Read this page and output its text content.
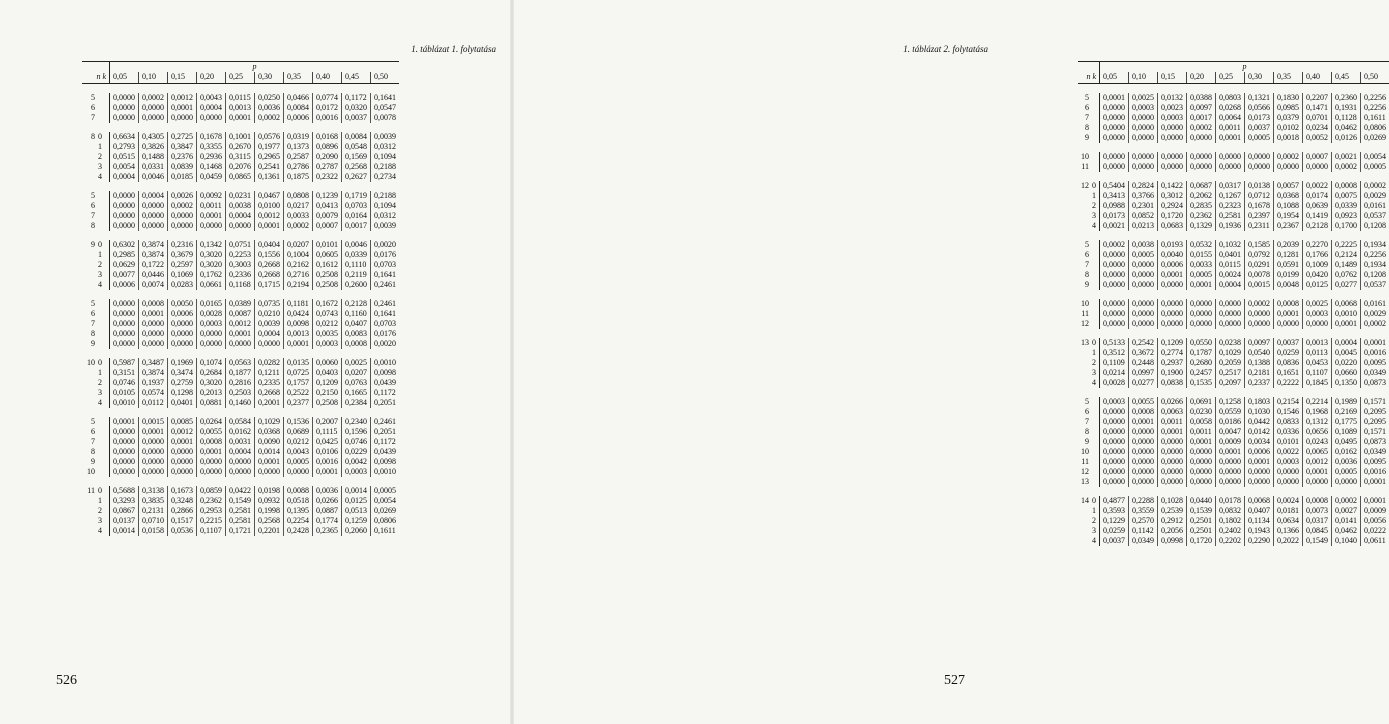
1. táblázat 1. folytatása
		p									
n k		0,05	0,10	0,15	0,20	0,25	0,30	0,35	0,40	0,45	0,50

5		0,0000	0,0002	0,0012	0,0043	0,0115	0,0250	0,0466	0,0774	0,1172	0,1641
6		0,0000	0,0000	0,0001	0,0004	0,0013	0,0036	0,0084	0,0172	0,0320	0,0547
7		0,0000	0,0000	0,0000	0,0000	0,0001	0,0002	0,0006	0,0016	0,0037	0,0078

8	0	0,6634	0,4305	0,2725	0,1678	0,1001	0,0576	0,0319	0,0168	0,0084	0,0039
	1	0,2793	0,3826	0,3847	0,3355	0,2670	0,1977	0,1373	0,0896	0,0548	0,0312
	2	0,0515	0,1488	0,2376	0,2936	0,3115	0,2965	0,2587	0,2090	0,1569	0,1094
	3	0,0054	0,0331	0,0839	0,1468	0,2076	0,2541	0,2786	0,2787	0,2568	0,2188
	4	0,0004	0,0046	0,0185	0,0459	0,0865	0,1361	0,1875	0,2322	0,2627	0,2734

5		0,0000	0,0004	0,0026	0,0092	0,0231	0,0467	0,0808	0,1239	0,1719	0,2188
6		0,0000	0,0000	0,0002	0,0011	0,0038	0,0100	0,0217	0,0413	0,0703	0,1094
7		0,0000	0,0000	0,0000	0,0001	0,0004	0,0012	0,0033	0,0079	0,0164	0,0312
8		0,0000	0,0000	0,0000	0,0000	0,0000	0,0001	0,0002	0,0007	0,0017	0,0039

9	0	0,6302	0,3874	0,2316	0,1342	0,0751	0,0404	0,0207	0,0101	0,0046	0,0020
	1	0,2985	0,3874	0,3679	0,3020	0,2253	0,1556	0,1004	0,0605	0,0339	0,0176
	2	0,0629	0,1722	0,2597	0,3020	0,3003	0,2668	0,2162	0,1612	0,1110	0,0703
	3	0,0077	0,0446	0,1069	0,1762	0,2336	0,2668	0,2716	0,2508	0,2119	0,1641
	4	0,0006	0,0074	0,0283	0,0661	0,1168	0,1715	0,2194	0,2508	0,2600	0,2461

5		0,0000	0,0008	0,0050	0,0165	0,0389	0,0735	0,1181	0,1672	0,2128	0,2461
6		0,0000	0,0001	0,0006	0,0028	0,0087	0,0210	0,0424	0,0743	0,1160	0,1641
7		0,0000	0,0000	0,0000	0,0003	0,0012	0,0039	0,0098	0,0212	0,0407	0,0703
8		0,0000	0,0000	0,0000	0,0000	0,0001	0,0004	0,0013	0,0035	0,0083	0,0176
9		0,0000	0,0000	0,0000	0,0000	0,0000	0,0000	0,0001	0,0003	0,0008	0,0020

10	0	0,5987	0,3487	0,1969	0,1074	0,0563	0,0282	0,0135	0,0060	0,0025	0,0010
	1	0,3151	0,3874	0,3474	0,2684	0,1877	0,1211	0,0725	0,0403	0,0207	0,0098
	2	0,0746	0,1937	0,2759	0,3020	0,2816	0,2335	0,1757	0,1209	0,0763	0,0439
	3	0,0105	0,0574	0,1298	0,2013	0,2503	0,2668	0,2522	0,2150	0,1665	0,1172
	4	0,0010	0,0112	0,0401	0,0881	0,1460	0,2001	0,2377	0,2508	0,2384	0,2051

5		0,0001	0,0015	0,0085	0,0264	0,0584	0,1029	0,1536	0,2007	0,2340	0,2461
6		0,0000	0,0001	0,0012	0,0055	0,0162	0,0368	0,0689	0,1115	0,1596	0,2051
7		0,0000	0,0000	0,0001	0,0008	0,0031	0,0090	0,0212	0,0425	0,0746	0,1172
8		0,0000	0,0000	0,0000	0,0001	0,0004	0,0014	0,0043	0,0106	0,0229	0,0439
9		0,0000	0,0000	0,0000	0,0000	0,0000	0,0001	0,0005	0,0016	0,0042	0,0098
10		0,0000	0,0000	0,0000	0,0000	0,0000	0,0000	0,0000	0,0001	0,0003	0,0010

11	0	0,5688	0,3138	0,1673	0,0859	0,0422	0,0198	0,0088	0,0036	0,0014	0,0005
	1	0,3293	0,3835	0,3248	0,2362	0,1549	0,0932	0,0518	0,0266	0,0125	0,0054
	2	0,0867	0,2131	0,2866	0,2953	0,2581	0,1998	0,1395	0,0887	0,0513	0,0269
	3	0,0137	0,0710	0,1517	0,2215	0,2581	0,2568	0,2254	0,1774	0,1259	0,0806
	4	0,0014	0,0158	0,0536	0,1107	0,1721	0,2201	0,2428	0,2365	0,2060	0,1611
526
1. táblázat 2. folytatása
		p									
n k		0,05	0,10	0,15	0,20	0,25	0,30	0,35	0,40	0,45	0,50

5		0,0001	0,0025	0,0132	0,0388	0,0803	0,1321	0,1830	0,2207	0,2360	0,2256
6		0,0000	0,0003	0,0023	0,0097	0,0268	0,0566	0,0985	0,1471	0,1931	0,2256
7		0,0000	0,0000	0,0003	0,0017	0,0064	0,0173	0,0379	0,0701	0,1128	0,1611
8		0,0000	0,0000	0,0000	0,0002	0,0011	0,0037	0,0102	0,0234	0,0462	0,0806
9		0,0000	0,0000	0,0000	0,0000	0,0001	0,0005	0,0018	0,0052	0,0126	0,0269

10		0,0000	0,0000	0,0000	0,0000	0,0000	0,0000	0,0002	0,0007	0,0021	0,0054
11		0,0000	0,0000	0,0000	0,0000	0,0000	0,0000	0,0000	0,0000	0,0002	0,0005

12	0	0,5404	0,2824	0,1422	0,0687	0,0317	0,0138	0,0057	0,0022	0,0008	0,0002
	1	0,3413	0,3766	0,3012	0,2062	0,1267	0,0712	0,0368	0,0174	0,0075	0,0029
	2	0,0988	0,2301	0,2924	0,2835	0,2323	0,1678	0,1088	0,0639	0,0339	0,0161
	3	0,0173	0,0852	0,1720	0,2362	0,2581	0,2397	0,1954	0,1419	0,0923	0,0537
	4	0,0021	0,0213	0,0683	0,1329	0,1936	0,2311	0,2367	0,2128	0,1700	0,1208

5		0,0002	0,0038	0,0193	0,0532	0,1032	0,1585	0,2039	0,2270	0,2225	0,1934
6		0,0000	0,0005	0,0040	0,0155	0,0401	0,0792	0,1281	0,1766	0,2124	0,2256
7		0,0000	0,0000	0,0006	0,0033	0,0115	0,0291	0,0591	0,1009	0,1489	0,1934
8		0,0000	0,0000	0,0001	0,0005	0,0024	0,0078	0,0199	0,0420	0,0762	0,1208
9		0,0000	0,0000	0,0000	0,0001	0,0004	0,0015	0,0048	0,0125	0,0277	0,0537

10		0,0000	0,0000	0,0000	0,0000	0,0000	0,0002	0,0008	0,0025	0,0068	0,0161
11		0,0000	0,0000	0,0000	0,0000	0,0000	0,0000	0,0001	0,0003	0,0010	0,0029
12		0,0000	0,0000	0,0000	0,0000	0,0000	0,0000	0,0000	0,0000	0,0001	0,0002

13	0	0,5133	0,2542	0,1209	0,0550	0,0238	0,0097	0,0037	0,0013	0,0004	0,0001
	1	0,3512	0,3672	0,2774	0,1787	0,1029	0,0540	0,0259	0,0113	0,0045	0,0016
	2	0,1109	0,2448	0,2937	0,2680	0,2059	0,1388	0,0836	0,0453	0,0220	0,0095
	3	0,0214	0,0997	0,1900	0,2457	0,2517	0,2181	0,1651	0,1107	0,0660	0,0349
	4	0,0028	0,0277	0,0838	0,1535	0,2097	0,2337	0,2222	0,1845	0,1350	0,0873

5		0,0003	0,0055	0,0266	0,0691	0,1258	0,1803	0,2154	0,2214	0,1989	0,1571
6		0,0000	0,0008	0,0063	0,0230	0,0559	0,1030	0,1546	0,1968	0,2169	0,2095
7		0,0000	0,0001	0,0011	0,0058	0,0186	0,0442	0,0833	0,1312	0,1775	0,2095
8		0,0000	0,0000	0,0001	0,0011	0,0047	0,0142	0,0336	0,0656	0,1089	0,1571
9		0,0000	0,0000	0,0000	0,0001	0,0009	0,0034	0,0101	0,0243	0,0495	0,0873
10		0,0000	0,0000	0,0000	0,0000	0,0001	0,0006	0,0022	0,0065	0,0162	0,0349
11		0,0000	0,0000	0,0000	0,0000	0,0000	0,0001	0,0003	0,0012	0,0036	0,0095
12		0,0000	0,0000	0,0000	0,0000	0,0000	0,0000	0,0000	0,0001	0,0005	0,0016
13		0,0000	0,0000	0,0000	0,0000	0,0000	0,0000	0,0000	0,0000	0,0000	0,0001

14	0	0,4877	0,2288	0,1028	0,0440	0,0178	0,0068	0,0024	0,0008	0,0002	0,0001
	1	0,3593	0,3559	0,2539	0,1539	0,0832	0,0407	0,0181	0,0073	0,0027	0,0009
	2	0,1229	0,2570	0,2912	0,2501	0,1802	0,1134	0,0634	0,0317	0,0141	0,0056
	3	0,0259	0,1142	0,2056	0,2501	0,2402	0,1943	0,1366	0,0845	0,0462	0,0222
	4	0,0037	0,0349	0,0998	0,1720	0,2202	0,2290	0,2022	0,1549	0,1040	0,0611
527
